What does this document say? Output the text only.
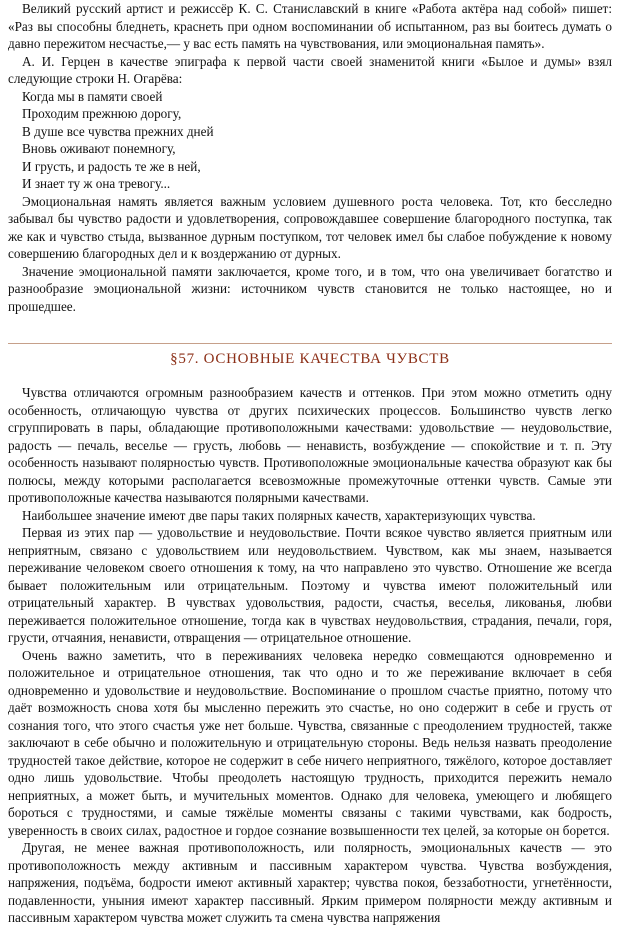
Великий русский артист и режиссёр К. С. Станиславский в книге «Работа актёра над собой» пишет: «Раз вы способны бледнеть, краснеть при одном воспоминании об испытанном, раз вы боитесь думать о давно пережитом несчастье,— у вас есть память на чувствования, или эмоциональная память».

А. И. Герцен в качестве эпиграфа к первой части своей знаменитой книги «Былое и думы» взял следующие строки Н. Огарёва:

Когда мы в памяти своей
Проходим прежнюю дорогу,
В душе все чувства прежних дней
Вновь оживают понемногу,
И грусть, и радость те же в ней,
И знает ту ж она тревогу...

Эмоциональная намять является важным условием душевного роста человека. Тот, кто бесследно забывал бы чувство радости и удовлетворения, сопровождавшее совершение благородного поступка, так же как и чувство стыда, вызванное дурным поступком, тот человек имел бы слабое побуждение к новому совершению благородных дел и к воздержанию от дурных.

Значение эмоциональной памяти заключается, кроме того, и в том, что она увеличивает богатство и разнообразие эмоциональной жизни: источником чувств становится не только настоящее, но и прошедшее.

§57. ОСНОВНЫЕ КАЧЕСТВА ЧУВСТВ

Чувства отличаются огромным разнообразием качеств и оттенков. При этом можно отметить одну особенность, отличающую чувства от других психических процессов. Большинство чувств легко сгруппировать в пары, обладающие противоположными качествами: удовольствие — неудовольствие, радость — печаль, веселье — грусть, любовь — ненависть, возбуждение — спокойствие и т. п. Эту особенность называют полярностью чувств. Противоположные эмоциональные качества образуют как бы полюсы, между которыми располагается всевозможные промежуточные оттенки чувств. Самые эти противоположные качества называются полярными качествами.

Наибольшее значение имеют две пары таких полярных качеств, характеризующих чувства.

Первая из этих пар — удовольствие и неудовольствие. Почти всякое чувство является приятным или неприятным, связано с удовольствием или неудовольствием. Чувством, как мы знаем, называется переживание человеком своего отношения к тому, на что направлено это чувство. Отношение же всегда бывает положительным или отрицательным. Поэтому и чувства имеют положительный или отрицательный характер. В чувствах удовольствия, радости, счастья, веселья, ликованья, любви переживается положительное отношение, тогда как в чувствах неудовольствия, страдания, печали, горя, грусти, отчаяния, ненависти, отвращения — отрицательное отношение.

Очень важно заметить, что в переживаниях человека нередко совмещаются одновременно и положительное и отрицательное отношения, так что одно и то же переживание включает в себя одновременно и удовольствие и неудовольствие. Воспоминание о прошлом счастье приятно, потому что даёт возможность снова хотя бы мысленно пережить это счастье, но оно содержит в себе и грусть от сознания того, что этого счастья уже нет больше. Чувства, связанные с преодолением трудностей, также заключают в себе обычно и положительную и отрицательную стороны. Ведь нельзя назвать преодоление трудностей такое действие, которое не содержит в себе ничего неприятного, тяжёлого, которое доставляет одно лишь удовольствие. Чтобы преодолеть настоящую трудность, приходится пережить немало неприятных, а может быть, и мучительных моментов. Однако для человека, умеющего и любящего бороться с трудностями, и самые тяжёлые моменты связаны с такими чувствами, как бодрость, уверенность в своих силах, радостное и гордое сознание возвышенности тех целей, за которые он борется.

Другая, не менее важная противоположность, или полярность, эмоциональных качеств — это противоположность между активным и пассивным характером чувства. Чувства возбуждения, напряжения, подъёма, бодрости имеют активный характер; чувства покоя, беззаботности, угнетённости, подавленности, уныния имеют характер пассивный. Ярким примером полярности между активным и пассивным характером чувства может служить та смена чувства напряжения
